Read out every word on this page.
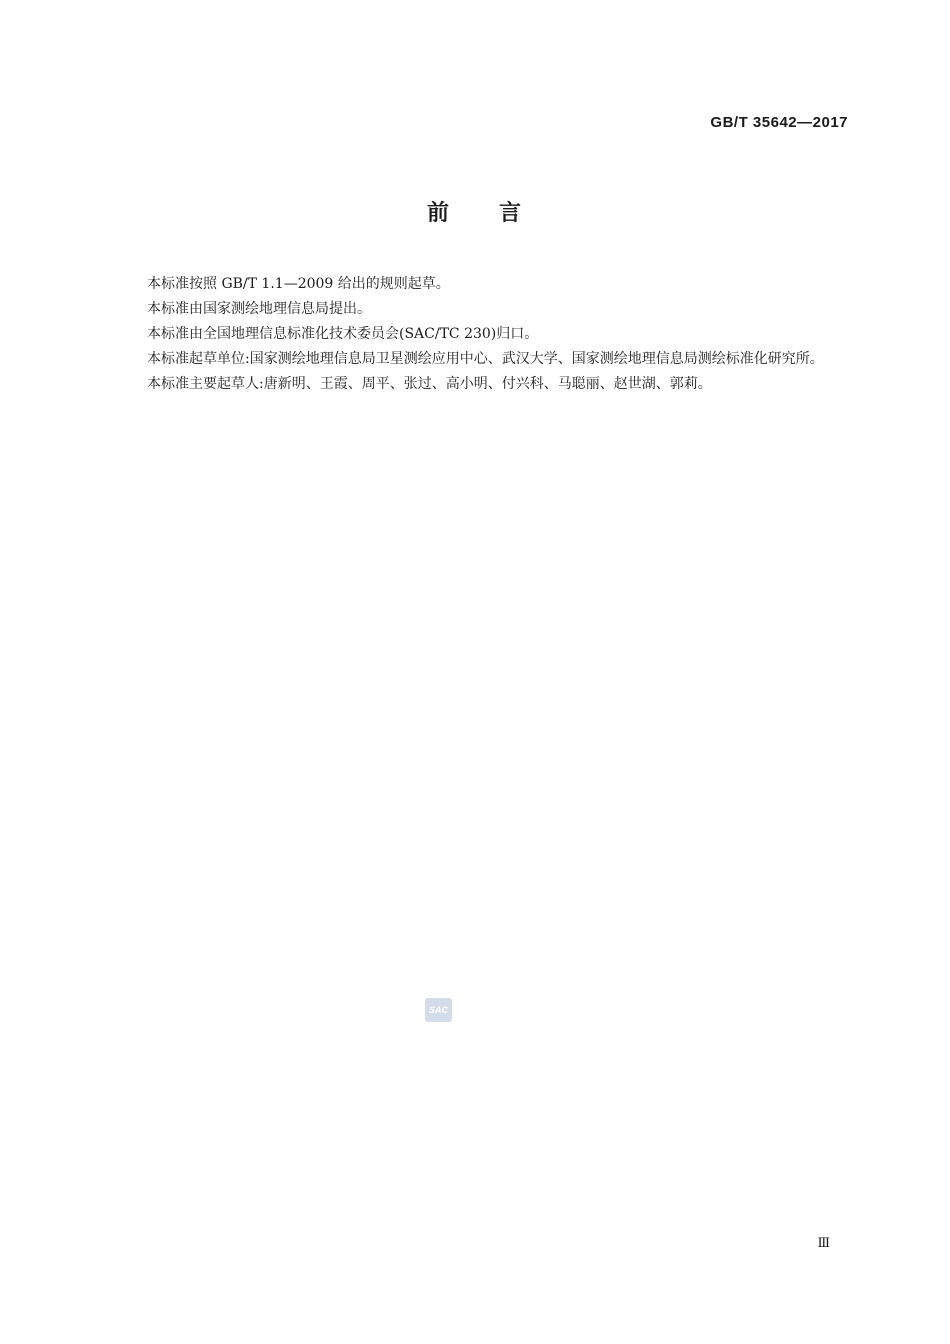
GB/T 35642—2017
前　　言

本标准按照 GB/T 1.1—2009 给出的规则起草。

本标准由国家测绘地理信息局提出。

本标准由全国地理信息标准化技术委员会(SAC/TC 230)归口。

本标准起草单位:国家测绘地理信息局卫星测绘应用中心、武汉大学、国家测绘地理信息局测绘标准化研究所。

本标准主要起草人:唐新明、王霞、周平、张过、高小明、付兴科、马聪丽、赵世湖、郭莉。

SAC
Ⅲ
